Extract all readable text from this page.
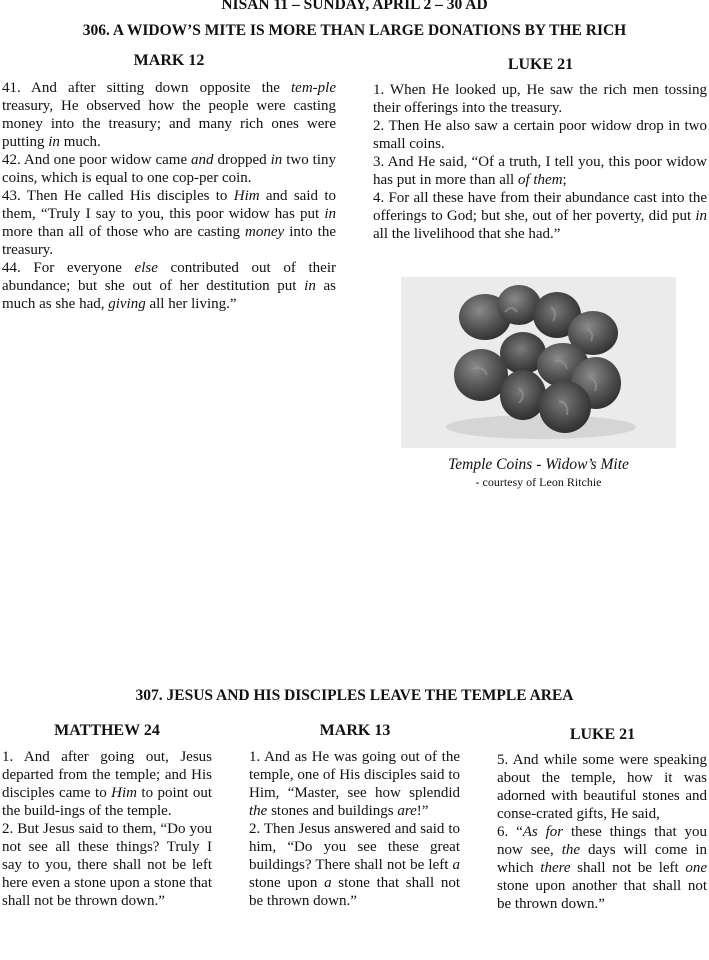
NISAN 11 – SUNDAY, APRIL 2 – 30 AD
306. A WIDOW’S MITE IS MORE THAN LARGE DONATIONS BY THE RICH
MARK 12

41. And after sitting down opposite the tem-ple treasury, He observed how the people were casting money into the treasury; and many rich ones were putting in much.

42. And one poor widow came and dropped in two tiny coins, which is equal to one cop-per coin.

43. Then He called His disciples to Him and said to them, “Truly I say to you, this poor widow has put in more than all of those who are casting money into the treasury.

44. For everyone else contributed out of their abundance; but she out of her destitution put in as much as she had, giving all her living.”

LUKE 21

1. When He looked up, He saw the rich men tossing their offerings into the treasury.

2. Then He also saw a certain poor widow drop in two small coins.

3. And He said, “Of a truth, I tell you, this poor widow has put in more than all of them;

4. For all these have from their abundance cast into the offerings to God; but she, out of her poverty, did put in all the livelihood that she had.”

Temple Coins - Widow’s Mite
- courtesy of Leon Ritchie
307. JESUS AND HIS DISCIPLES LEAVE THE TEMPLE AREA
MATTHEW 24

1. And after going out, Jesus departed from the temple; and His disciples came to Him to point out the build-ings of the temple.

2. But Jesus said to them, “Do you not see all these things? Truly I say to you, there shall not be left here even a stone upon a stone that shall not be thrown down.”

MARK 13

1. And as He was going out of the temple, one of His disciples said to Him, “Master, see how splendid the stones and buildings are!”

2. Then Jesus answered and said to him, “Do you see these great buildings? There shall not be left a stone upon a stone that shall not be thrown down.”

LUKE 21

5. And while some were speaking about the temple, how it was adorned with beautiful stones and conse-crated gifts, He said,

6. “As for these things that you now see, the days will come in which there shall not be left one stone upon another that shall not be thrown down.”
